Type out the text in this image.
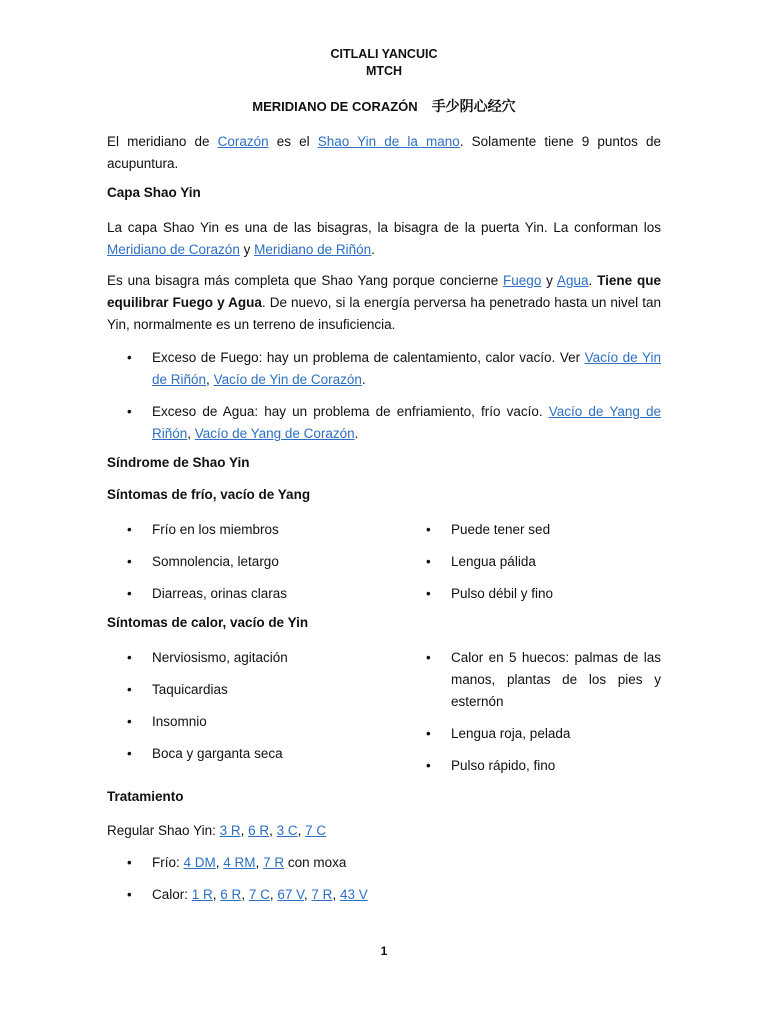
CITLALI YANCUIC
MTCH
MERIDIANO DE CORAZÓN 手少阴心经穴
El meridiano de Corazón es el Shao Yin de la mano. Solamente tiene 9 puntos de acupuntura.
Capa Shao Yin
La capa Shao Yin es una de las bisagras, la bisagra de la puerta Yin. La conforman los Meridiano de Corazón y Meridiano de Riñón.
Es una bisagra más completa que Shao Yang porque concierne Fuego y Agua. Tiene que equilibrar Fuego y Agua. De nuevo, si la energía perversa ha penetrado hasta un nivel tan Yin, normalmente es un terreno de insuficiencia.
• Exceso de Fuego: hay un problema de calentamiento, calor vacío. Ver Vacío de Yin de Riñón, Vacío de Yin de Corazón.
• Exceso de Agua: hay un problema de enfriamiento, frío vacío. Vacío de Yang de Riñón, Vacío de Yang de Corazón.
Síndrome de Shao Yin
Síntomas de frío, vacío de Yang
• Frío en los miembros
• Somnolencia, letargo
• Diarreas, orinas claras
• Puede tener sed
• Lengua pálida
• Pulso débil y fino
Síntomas de calor, vacío de Yin
• Nerviosismo, agitación
• Taquicardias
• Insomnio
• Boca y garganta seca
• Calor en 5 huecos: palmas de las manos, plantas de los pies y esternón
• Lengua roja, pelada
• Pulso rápido, fino
Tratamiento
Regular Shao Yin: 3 R, 6 R, 3 C, 7 C
• Frío: 4 DM, 4 RM, 7 R con moxa
• Calor: 1 R, 6 R, 7 C, 67 V, 7 R, 43 V
1
